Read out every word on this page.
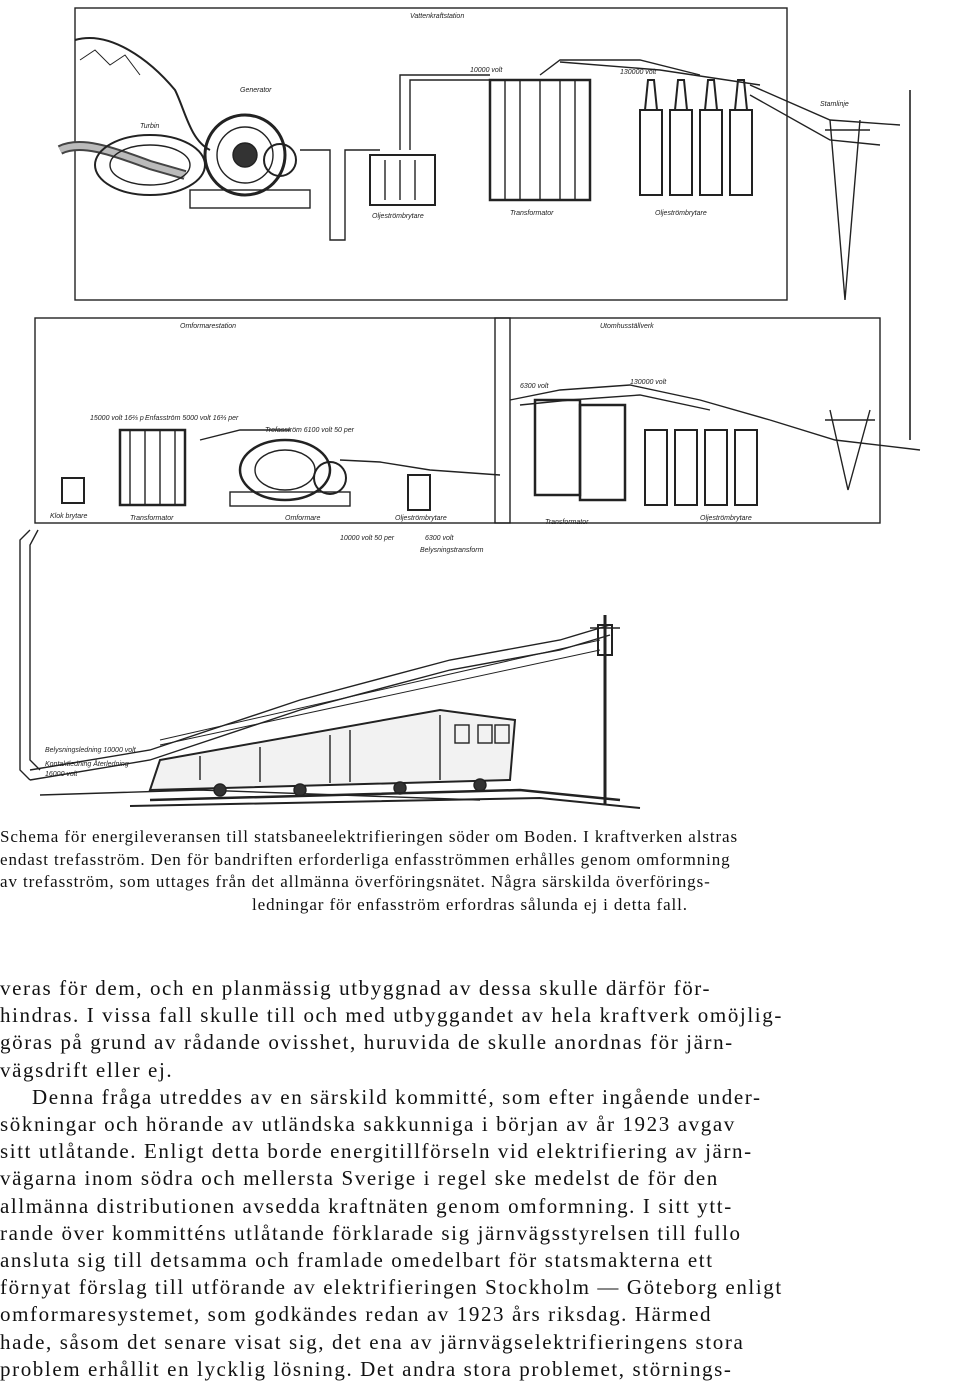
Vattenkraftstation
Generator
Turbin
10000 volt	130000 volt
Stamlinje
Oljeströmbrytare	Transformator	Oljeströmbrytare
Omformarestation	Utomhusställverk
6300 volt
130000 volt
15000 volt 16⅔ p Enfasström 5000 volt 16⅔ per
Trefasström 6100 volt 50 per
Klok brytare	Transformator	Omformare	Oljeströmbrytare
Transformator
Oljeströmbrytare
10000 volt 50 per	6300 volt
Belysningstransform
Belysningsledning 10000 volt
Kontaktledning Återledning
16000 volt
Schema för energileveransen till statsbaneelektrifieringen söder om Boden. I kraftverken alstras
endast trefasström. Den för bandriften erforderliga enfasströmmen erhålles genom omformning
av trefasström, som uttages från det allmänna överföringsnätet. Några särskilda överförings-
ledningar för enfasström erfordras sålunda ej i detta fall.
veras för dem, och en planmässig utbyggnad av dessa skulle därför för-
hindras. I vissa fall skulle till och med utbyggandet av hela kraftverk omöjlig-
göras på grund av rådande ovisshet, huruvida de skulle anordnas för järn-
vägsdrift eller ej.
Denna fråga utreddes av en särskild kommitté, som efter ingående under-
sökningar och hörande av utländska sakkunniga i början av år 1923 avgav
sitt utlåtande. Enligt detta borde energitillförseln vid elektrifiering av järn-
vägarna inom södra och mellersta Sverige i regel ske medelst de för den
allmänna distributionen avsedda kraftnäten genom omformning. I sitt ytt-
rande över kommitténs utlåtande förklarade sig järnvägsstyrelsen till fullo
ansluta sig till detsamma och framlade omedelbart för statsmakterna ett
förnyat förslag till utförande av elektrifieringen Stockholm — Göteborg enligt
omformaresystemet, som godkändes redan av 1923 års riksdag. Härmed
hade, såsom det senare visat sig, det ena av järnvägselektrifieringens stora
problem erhållit en lycklig lösning. Det andra stora problemet, störnings-
